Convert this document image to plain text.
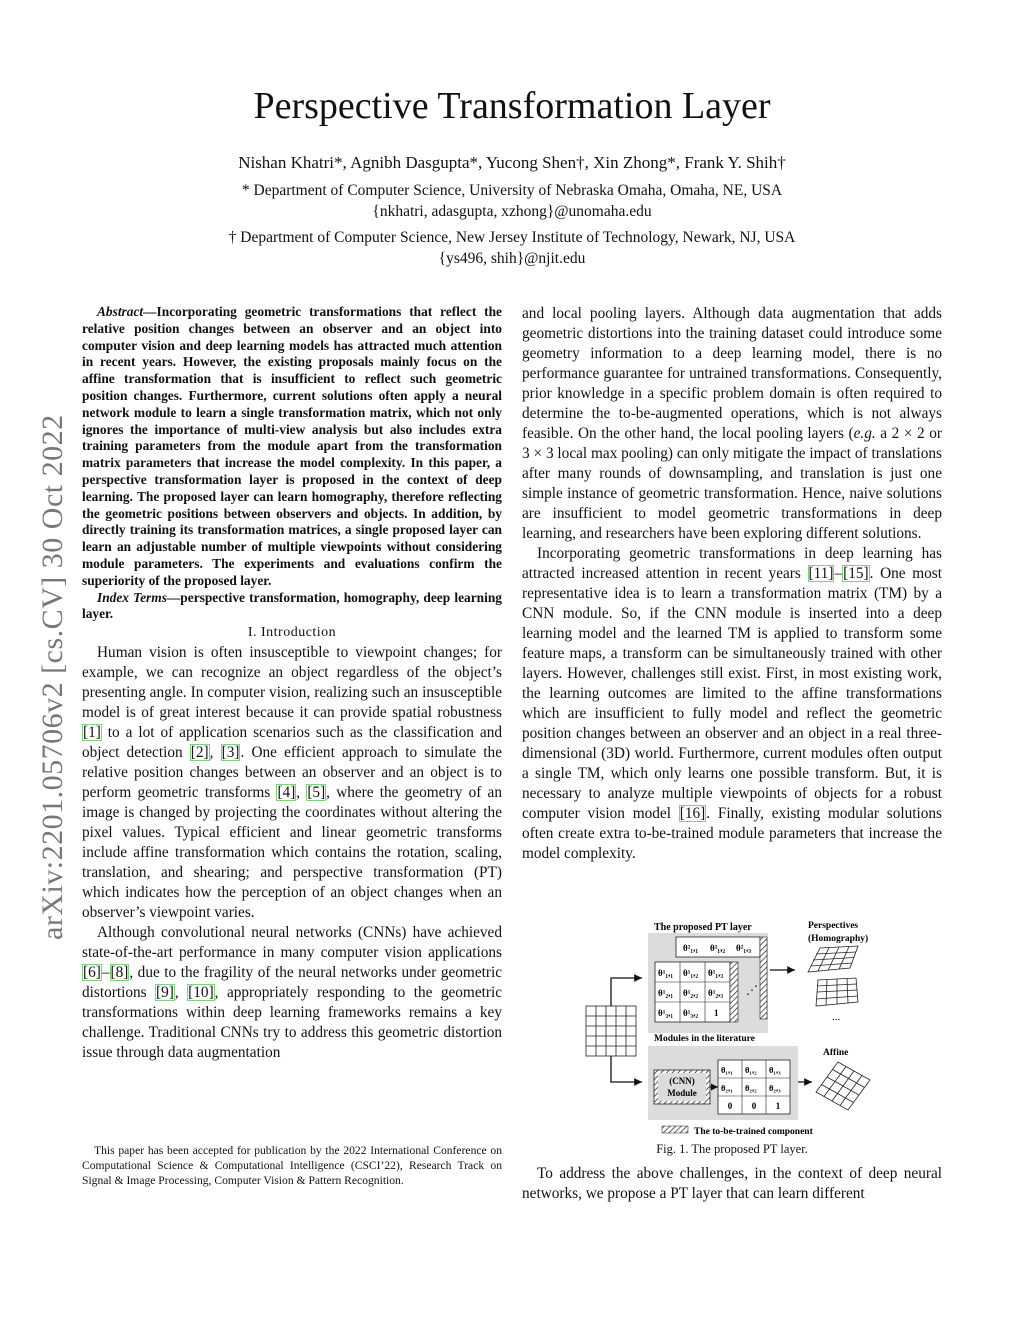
Perspective Transformation Layer
Nishan Khatri*, Agnibh Dasgupta*, Yucong Shen†, Xin Zhong*, Frank Y. Shih†
* Department of Computer Science, University of Nebraska Omaha, Omaha, NE, USA
{nkhatri, adasgupta, xzhong}@unomaha.edu
† Department of Computer Science, New Jersey Institute of Technology, Newark, NJ, USA
{ys496, shih}@njit.edu
arXiv:2201.05706v2 [cs.CV] 30 Oct 2022

Abstract—Incorporating geometric transformations that reflect the relative position changes between an observer and an object into computer vision and deep learning models has attracted much attention in recent years. However, the existing proposals mainly focus on the affine transformation that is insufficient to reflect such geometric position changes. Furthermore, current solutions often apply a neural network module to learn a single transformation matrix, which not only ignores the importance of multi-view analysis but also includes extra training parameters from the module apart from the transformation matrix parameters that increase the model complexity. In this paper, a perspective transformation layer is proposed in the context of deep learning. The proposed layer can learn homography, therefore reflecting the geometric positions between observers and objects. In addition, by directly training its transformation matrices, a single proposed layer can learn an adjustable number of multiple viewpoints without considering module parameters. The experiments and evaluations confirm the superiority of the proposed layer.

Index Terms—perspective transformation, homography, deep learning layer.

I. Introduction

Human vision is often insusceptible to viewpoint changes; for example, we can recognize an object regardless of the object’s presenting angle. In computer vision, realizing such an insusceptible model is of great interest because it can provide spatial robustness [1] to a lot of application scenarios such as the classification and object detection [2], [3]. One efficient approach to simulate the relative position changes between an observer and an object is to perform geometric transforms [4], [5], where the geometry of an image is changed by projecting the coordinates without altering the pixel values. Typical efficient and linear geometric transforms include affine transformation which contains the rotation, scaling, translation, and shearing; and perspective transformation (PT) which indicates how the perception of an object changes when an observer’s viewpoint varies.

Although convolutional neural networks (CNNs) have achieved state-of-the-art performance in many computer vision applications [6]–[8], due to the fragility of the neural networks under geometric distortions [9], [10], appropriately responding to the geometric transformations within deep learning frameworks remains a key challenge. Traditional CNNs try to address this geometric distortion issue through data augmentation

This paper has been accepted for publication by the 2022 International Conference on Computational Science & Computational Intelligence (CSCI’22), Research Track on Signal & Image Processing, Computer Vision & Pattern Recognition.

and local pooling layers. Although data augmentation that adds geometric distortions into the training dataset could introduce some geometry information to a deep learning model, there is no performance guarantee for untrained transformations. Consequently, prior knowledge in a specific problem domain is often required to determine the to-be-augmented operations, which is not always feasible. On the other hand, the local pooling layers (e.g. a 2 × 2 or 3 × 3 local max pooling) can only mitigate the impact of translations after many rounds of downsampling, and translation is just one simple instance of geometric transformation. Hence, naive solutions are insufficient to model geometric transformations in deep learning, and researchers have been exploring different solutions.

Incorporating geometric transformations in deep learning has attracted increased attention in recent years [11]–[15]. One most representative idea is to learn a transformation matrix (TM) by a CNN module. So, if the CNN module is inserted into a deep learning model and the learned TM is applied to transform some feature maps, a transform can be simultaneously trained with other layers. However, challenges still exist. First, in most existing work, the learning outcomes are limited to the affine transformations which are insufficient to fully model and reflect the geometric position changes between an observer and an object in a real three-dimensional (3D) world. Furthermore, current modules often output a single TM, which only learns one possible transform. But, it is necessary to analyze multiple viewpoints of objects for a robust computer vision model [16]. Finally, existing modular solutions often create extra to-be-trained module parameters that increase the model complexity.

The proposed PT layer
θ²₁,₁ θ²₁,₂ θ²₁,₃
θ¹₁,₁ θ¹₁,₂ θ¹₁,₃
θ¹₂,₁ θ¹₂,₂ θ¹₂,₃
θ¹₃,₁ θ¹₃,₂ 1
⋰
Perspectives
(Homography)
...
Modules in the literature
(CNN)
Module
θ₁,₁ θ₁,₂ θ₁,₃
θ₂,₁ θ₂,₂ θ₂,₃
0 0 1
Affine
The to-be-trained component
Fig. 1. The proposed PT layer.

To address the above challenges, in the context of deep neural networks, we propose a PT layer that can learn different
